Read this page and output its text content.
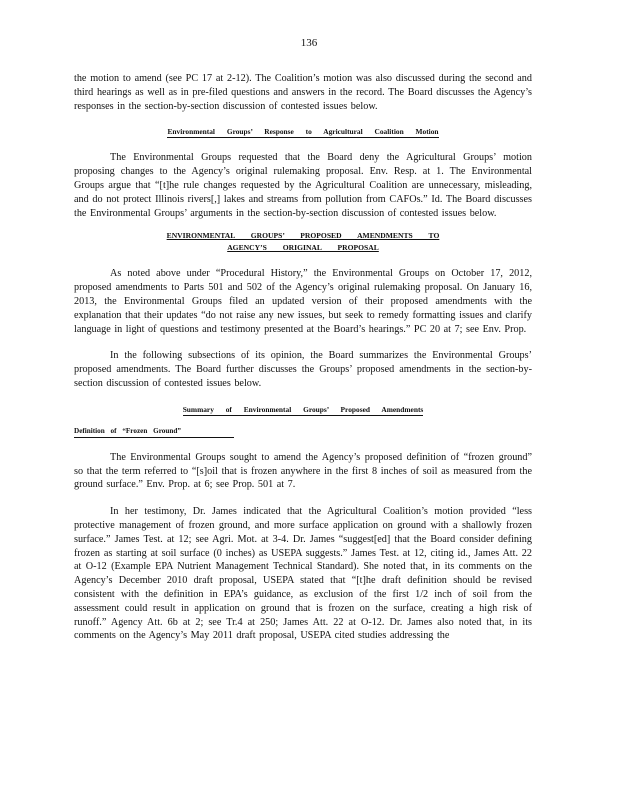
136

the motion to amend (see PC 17 at 2-12). The Coalition’s motion was also discussed during the second and third hearings as well as in pre-filed questions and answers in the record. The Board discusses the Agency’s responses in the section-by-section discussion of contested issues below.

Environmental Groups’ Response to Agricultural Coalition Motion

The Environmental Groups requested that the Board deny the Agricultural Groups’ motion proposing changes to the Agency’s original rulemaking proposal. Env. Resp. at 1. The Environmental Groups argue that “[t]he rule changes requested by the Agricultural Coalition are unnecessary, misleading, and do not protect Illinois rivers[,] lakes and streams from pollution from CAFOs.” Id. The Board discusses the Environmental Groups’ arguments in the section-by-section discussion of contested issues below.

ENVIRONMENTAL GROUPS’ PROPOSED AMENDMENTS TO
AGENCY’S ORIGINAL PROPOSAL

As noted above under “Procedural History,” the Environmental Groups on October 17, 2012, proposed amendments to Parts 501 and 502 of the Agency’s original rulemaking proposal. On January 16, 2013, the Environmental Groups filed an updated version of their proposed amendments with the explanation that their updates “do not raise any new issues, but seek to remedy formatting issues and clarify language in light of questions and testimony presented at the Board’s hearings.” PC 20 at 7; see Env. Prop.

In the following subsections of its opinion, the Board summarizes the Environmental Groups’ proposed amendments. The Board further discusses the Groups’ proposed amendments in the section-by-section discussion of contested issues below.

Summary of Environmental Groups’ Proposed Amendments
Definition of “Frozen Ground”

The Environmental Groups sought to amend the Agency’s proposed definition of “frozen ground” so that the term referred to “[s]oil that is frozen anywhere in the first 8 inches of soil as measured from the ground surface.” Env. Prop. at 6; see Prop. 501 at 7.

In her testimony, Dr. James indicated that the Agricultural Coalition’s motion provided “less protective management of frozen ground, and more surface application on ground with a shallowly frozen surface.” James Test. at 12; see Agri. Mot. at 3-4. Dr. James “suggest[ed] that the Board consider defining frozen as starting at soil surface (0 inches) as USEPA suggests.” James Test. at 12, citing id., James Att. 22 at O-12 (Example EPA Nutrient Management Technical Standard). She noted that, in its comments on the Agency’s December 2010 draft proposal, USEPA stated that “[t]he draft definition should be revised consistent with the definition in EPA’s guidance, as exclusion of the first 1/2 inch of soil from the assessment could result in application on ground that is frozen on the surface, creating a high risk of runoff.” Agency Att. 6b at 2; see Tr.4 at 250; James Att. 22 at O-12. Dr. James also noted that, in its comments on the Agency’s May 2011 draft proposal, USEPA cited studies addressing the
